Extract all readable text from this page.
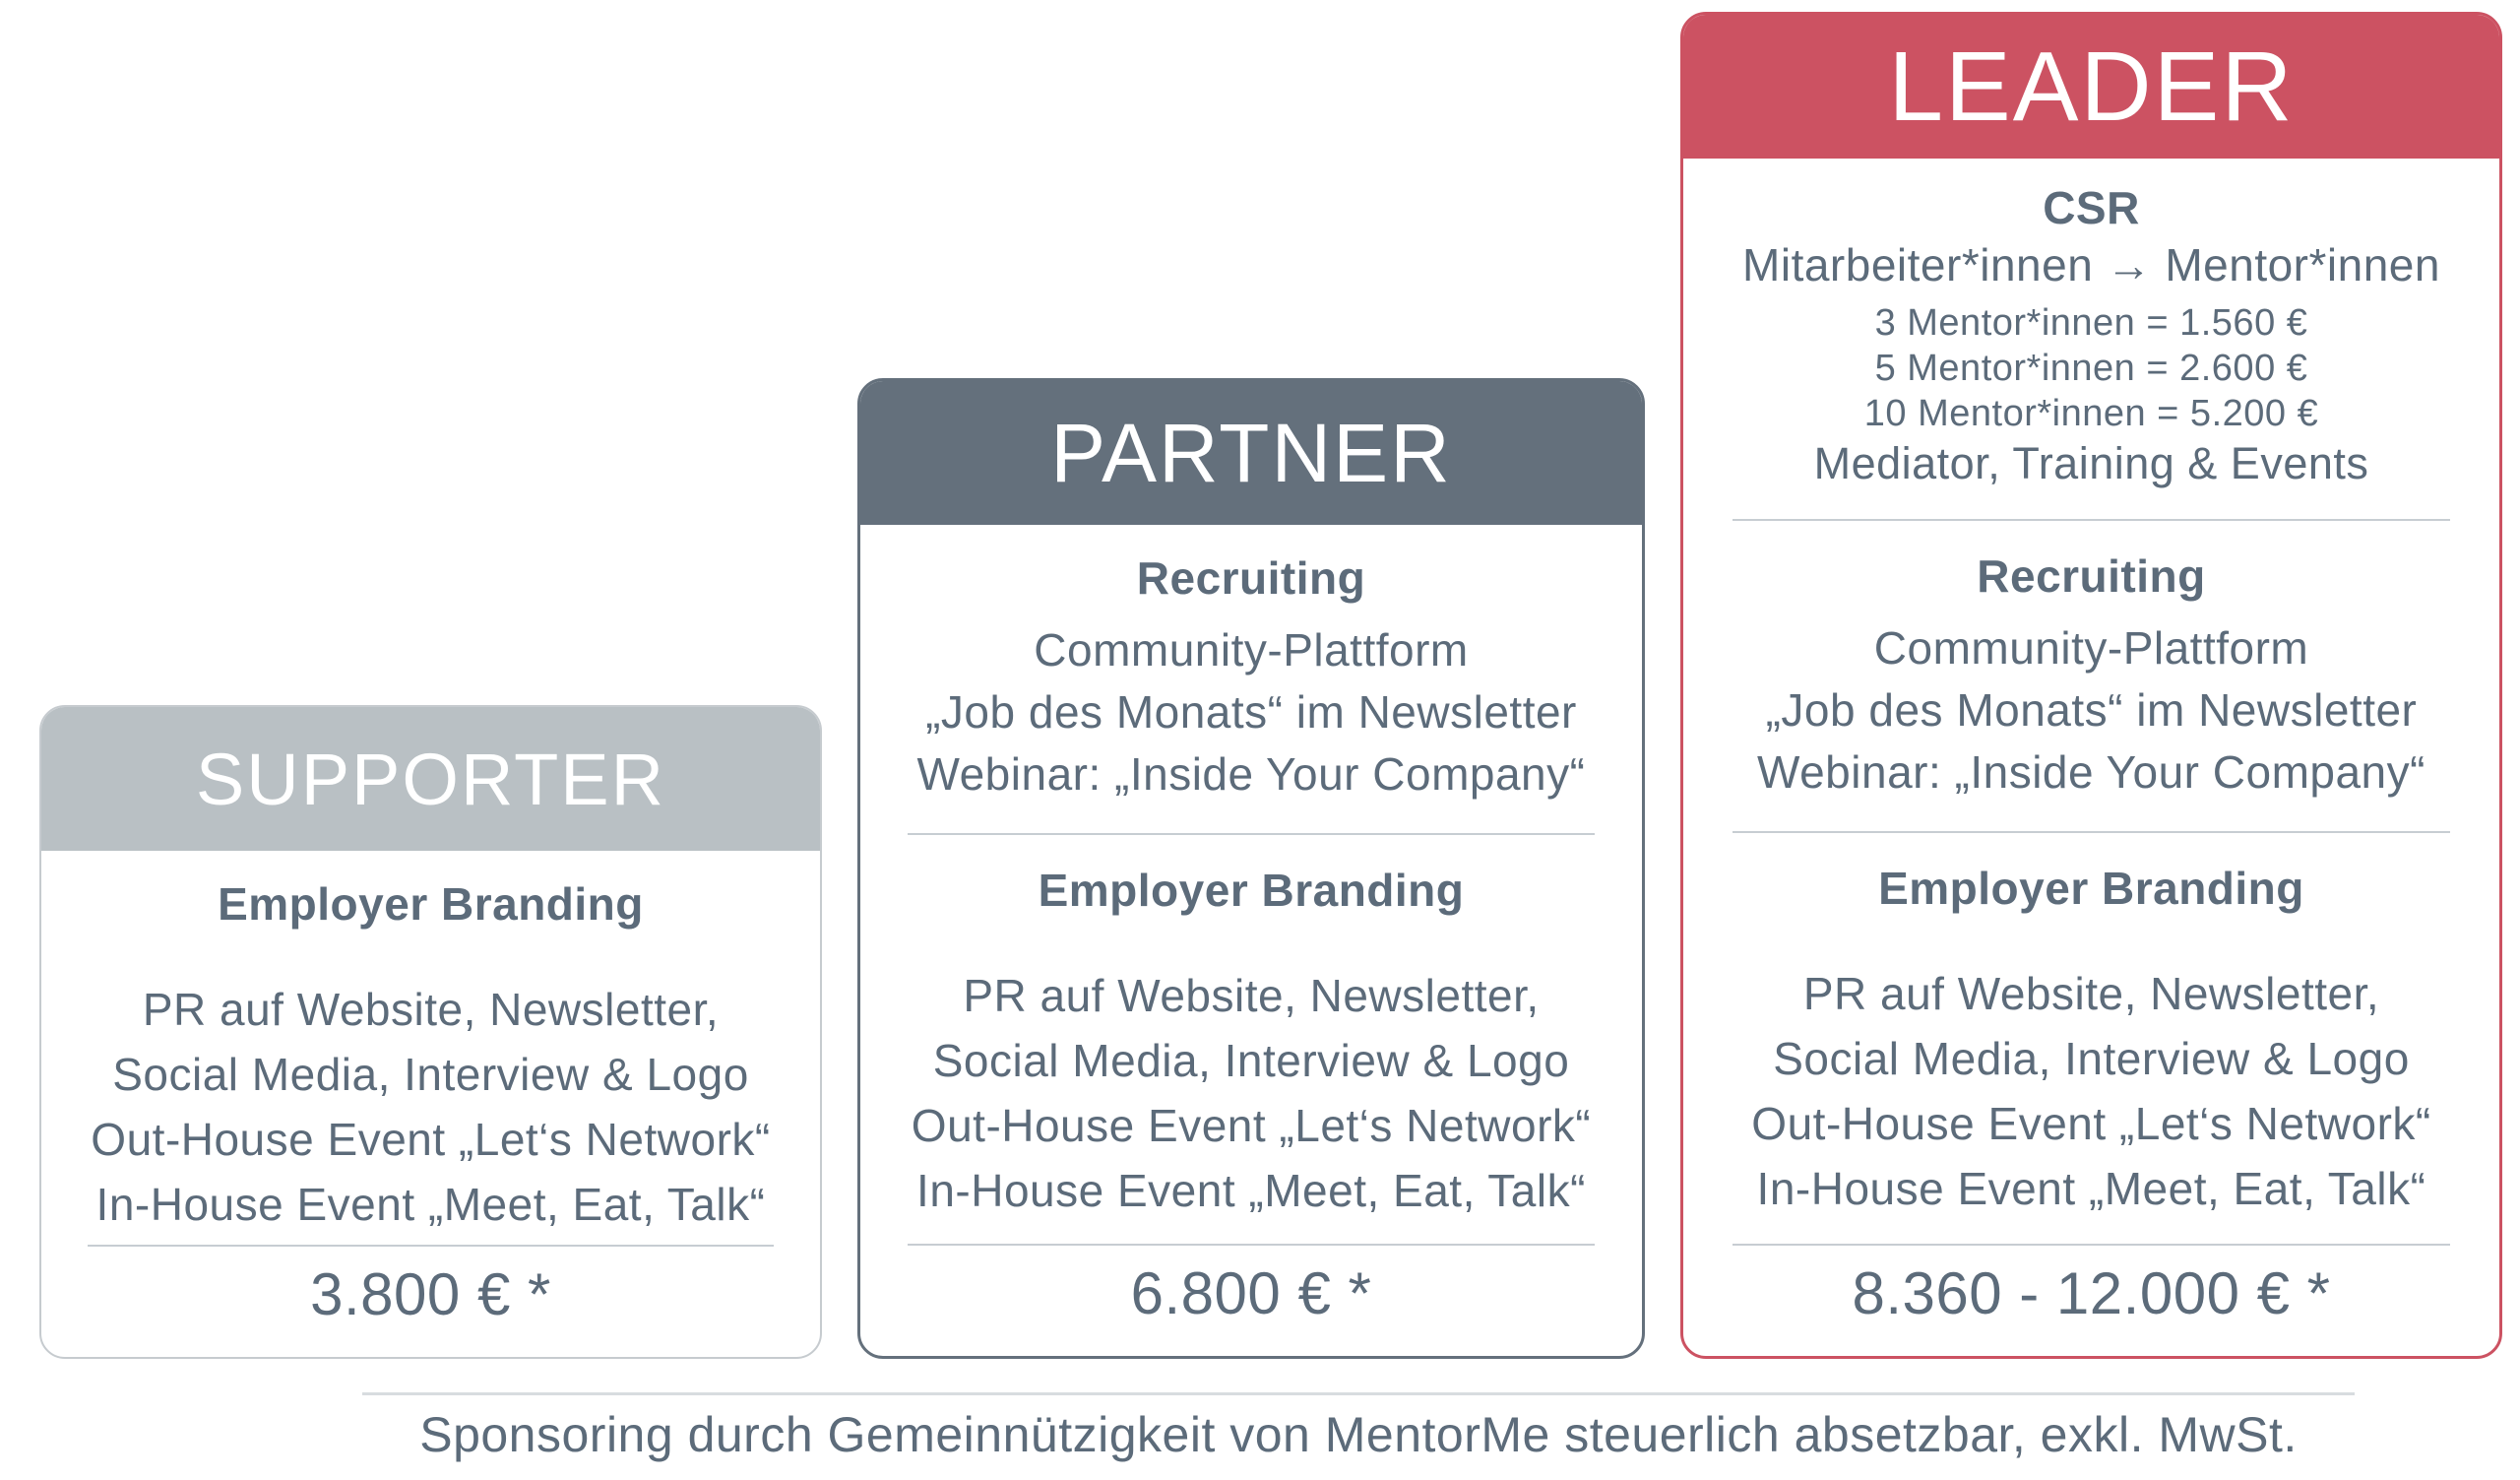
SUPPORTER
Employer Branding
PR auf Website, Newsletter,
Social Media, Interview & Logo
Out-House Event „Let‘s Network“
In-House Event „Meet, Eat, Talk“
3.800 € *
PARTNER
Recruiting
Community-Plattform
„Job des Monats“ im Newsletter
Webinar: „Inside Your Company“
Employer Branding
PR auf Website, Newsletter,
Social Media, Interview & Logo
Out-House Event „Let‘s Network“
In-House Event „Meet, Eat, Talk“
6.800 € *
LEADER
CSR
Mitarbeiter*innen → Mentor*innen
3 Mentor*innen = 1.560 €
5 Mentor*innen = 2.600 €
10 Mentor*innen = 5.200 €
Mediator, Training & Events
Recruiting
Community-Plattform
„Job des Monats“ im Newsletter
Webinar: „Inside Your Company“
Employer Branding
PR auf Website, Newsletter,
Social Media, Interview & Logo
Out-House Event „Let‘s Network“
In-House Event „Meet, Eat, Talk“
8.360 - 12.000 € *
Sponsoring durch Gemeinnützigkeit von MentorMe steuerlich absetzbar, exkl. MwSt.
